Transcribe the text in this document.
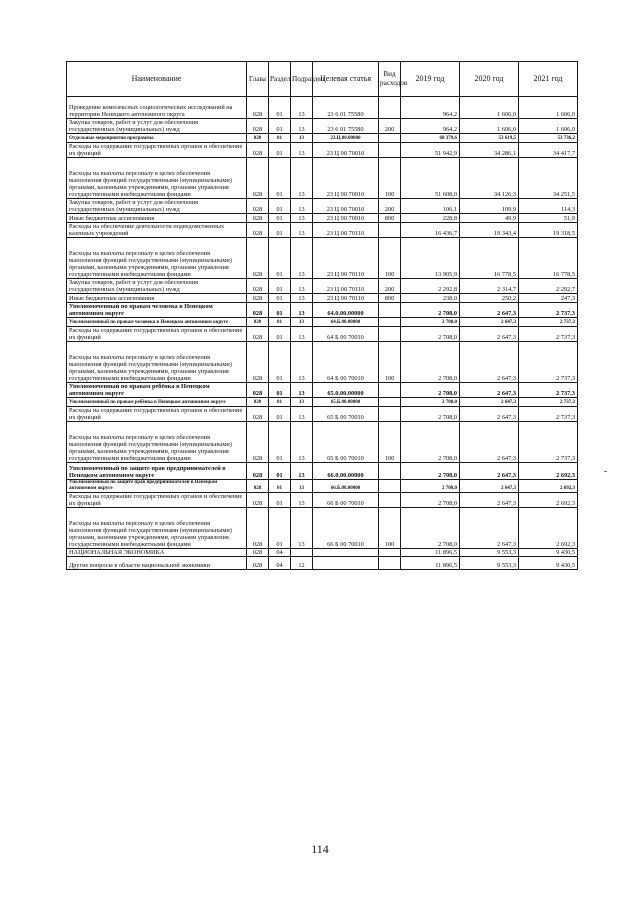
Наименование	Глава	Раздел	Подраздел	Целевая статья	Вид расходов	2019 год	2020 год	2021 год
Проведение комплексных социологических исследований на территории Ненецкого автономного округа	028	01	13	23 6 01 75580		964,2	1 606,0	1 606,0
Закупка товаров, работ и услуг для обеспечения государственных (муниципальных) нужд	028	01	13	23 6 01 75580	200	964,2	1 606,0	1 606,0
Отдельные мероприятия программы	028	01	13	23.Ц.00.00000		68 379,6	53 619,5	53 736,2
Расходы на содержание государственных органов и обеспечение их функций	028	01	13	23 Ц 00 70010		51 942,9	34 286,1	34 417,7
Расходы на выплаты персоналу в целях обеспечения выполнения функций государственными (муниципальными) органами, казенными учреждениями, органами управления государственными внебюджетными фондами	028	01	13	23 Ц 00 70010	100	51 608,0	34 126,3	34 251,5
Закупка товаров, работ и услуг для обеспечения государственных (муниципальных) нужд	028	01	13	23 Ц 00 70010	200	106,1	109,9	114,3
Иные бюджетные ассигнования	028	01	13	23 Ц 00 70010	800	228,8	49,9	51,9
Расходы на обеспечение деятельности подведомственных казенных учреждений	028	01	13	23 Ц 00 70110		16 436,7	19 343,4	19 318,5
Расходы на выплаты персоналу в целях обеспечения выполнения функций государственными (муниципальными) органами, казенными учреждениями, органами управления государственными внебюджетными фондами	028	01	13	23 Ц 00 70110	100	13 905,9	16 778,5	16 778,5
Закупка товаров, работ и услуг для обеспечения государственных (муниципальных) нужд	028	01	13	23 Ц 00 70110	200	2 292,8	2 314,7	2 292,7
Иные бюджетные ассигнования	028	01	13	23 Ц 00 70110	800	238,0	250,2	247,3
Уполномоченный по правам человека в Ненецком автономном округе	028	01	13	64.0.00.00000		2 708,0	2 647,3	2 737,3
Уполномоченный по правам человека в Ненецком автономном округе	028	01	13	64.Б.00.00000		2 708,0	2 647,3	2 737,3
Расходы на содержание государственных органов и обеспечение их функций	028	01	13	64 Б 00 70010		2 708,0	2 647,3	2 737,3
Расходы на выплаты персоналу в целях обеспечения выполнения функций государственными (муниципальными) органами, казенными учреждениями, органами управления государственными внебюджетными фондами	028	01	13	64 Б 00 70010	100	2 708,0	2 647,3	2 737,3
Уполномоченный по правам ребёнка в Ненецком автономном округе	028	01	13	65.0.00.00000		2 708,0	2 647,3	2 737,3
Уполномоченный по правам ребёнка в Ненецком автономном округе	028	01	13	65.Б.00.00000		2 708,0	2 647,3	2 737,3
Расходы на содержание государственных органов и обеспечение их функций	028	01	13	65 Б 00 70010		2 708,0	2 647,3	2 737,3
Расходы на выплаты персоналу в целях обеспечения выполнения функций государственными (муниципальными) органами, казенными учреждениями, органами управления государственными внебюджетными фондами	028	01	13	65 Б 00 70010	100	2 708,0	2 647,3	2 737,3
Уполномоченный по защите прав предпринимателей в Ненецком автономном округе	028	01	13	66.0.00.00000		2 708,0	2 647,3	2 692,3
Уполномоченный по защите прав предпринимателей в Ненецком автономном округе	028	01	13	66.Б.00.00000		2 708,0	2 647,3	2 692,3
Расходы на содержание государственных органов и обеспечение их функций	028	01	13	66 Б 00 70010		2 708,0	2 647,3	2 692,3
Расходы на выплаты персоналу в целях обеспечения выполнения функций государственными (муниципальными) органами, казенными учреждениями, органами управления государственными внебюджетными фондами	028	01	13	66 Б 00 70010	100	2 708,0	2 647,3	2 692,3
НАЦИОНАЛЬНАЯ ЭКОНОМИКА	028	04				11 896,5	9 553,3	9 430,5
Другие вопросы в области национальной экономики	028	04	12			11 896,5	9 553,3	9 430,5
114
